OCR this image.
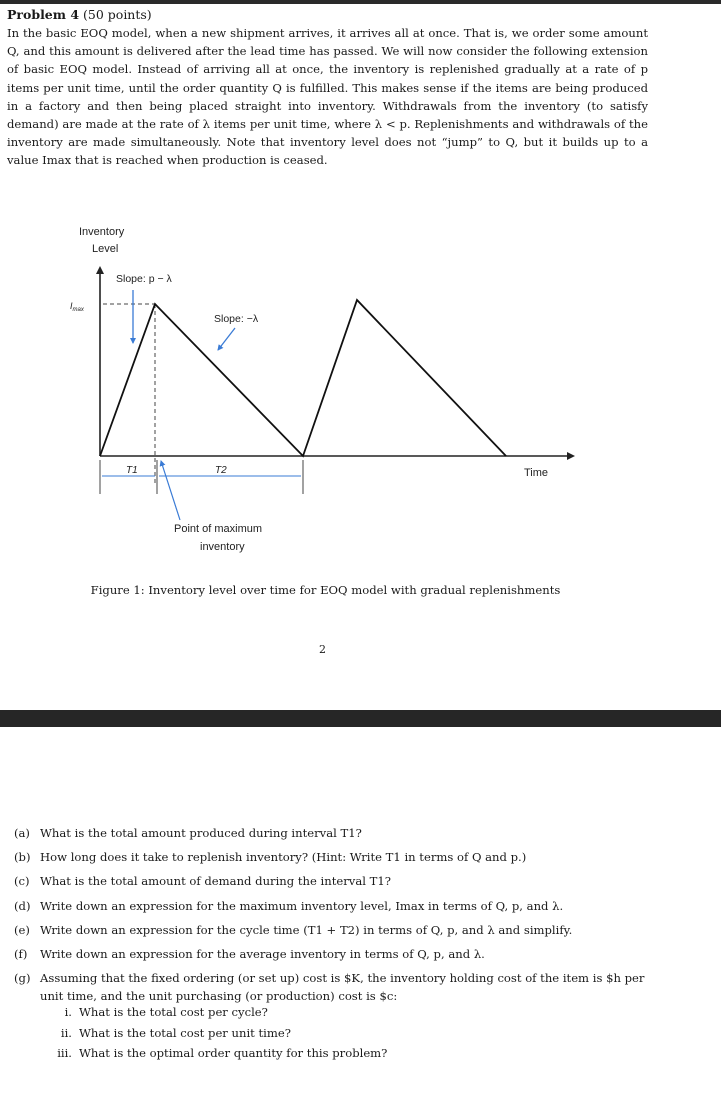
Problem 4 (50 points)
In the basic EOQ model, when a new shipment arrives, it arrives all at once. That is, we order some amount Q, and this amount is delivered after the lead time has passed. We will now consider the following extension of basic EOQ model. Instead of arriving all at once, the inventory is replenished gradually at a rate of p items per unit time, until the order quantity Q is fulfilled. This makes sense if the items are being produced in a factory and then being placed straight into inventory. Withdrawals from the inventory (to satisfy demand) are made at the rate of λ items per unit time, where λ < p. Replenishments and withdrawals of the inventory are made simultaneously. Note that inventory level does not “jump” to Q, but it builds up to a value Imax that is reached when production is ceased.
Inventory
Level
Time
$I_{max}$
Slope: p − λ
Slope: −λ
T1	T2
Point of maximum
inventory
Figure 1: Inventory level over time for EOQ model with gradual replenishments
2
(a) What is the total amount produced during interval T1?
(b) How long does it take to replenish inventory? (Hint: Write T1 in terms of Q and p.)
(c) What is the total amount of demand during the interval T1?
(d) Write down an expression for the maximum inventory level, Imax in terms of Q, p, and λ.
(e) Write down an expression for the cycle time (T1 + T2) in terms of Q, p, and λ and simplify.
(f) Write down an expression for the average inventory in terms of Q, p, and λ.
(g) Assuming that the fixed ordering (or set up) cost is $K, the inventory holding cost of the item is $h per unit time, and the unit purchasing (or production) cost is $c:
i. What is the total cost per cycle?
ii. What is the total cost per unit time?
iii. What is the optimal order quantity for this problem?
